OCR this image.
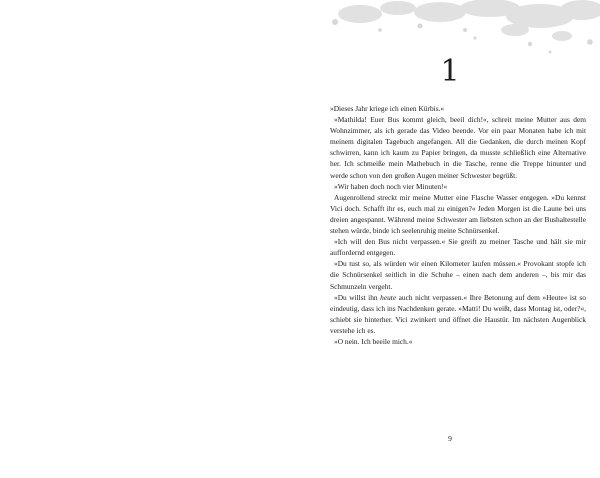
1

»Dieses Jahr kriege ich einen Kürbis.«

»Mathilda! Euer Bus kommt gleich, beeil dich!«, schreit meine Mutter aus dem Wohnzimmer, als ich gerade das Video beende. Vor ein paar Monaten habe ich mit meinem digitalen Tagebuch angefangen. All die Gedanken, die durch meinen Kopf schwirren, kann ich kaum zu Papier bringen, da musste schließlich eine Alternative her. Ich schmeiße mein Mathebuch in die Tasche, renne die Treppe hinunter und werde schon von den großen Augen meiner Schwester begrüßt.

»Wir haben doch noch vier Minuten!«

Augenrollend streckt mir meine Mutter eine Flasche Wasser entgegen. »Du kennst Vici doch. Schafft ihr es, euch mal zu einigen?« Jeden Morgen ist die Laune bei uns dreien angespannt. Während meine Schwester am liebsten schon an der Bushaltestelle stehen würde, binde ich seelenruhig meine Schnürsenkel.

»Ich will den Bus nicht verpassen.« Sie greift zu meiner Tasche und hält sie mir auffordernd entgegen.

»Du tust so, als würden wir einen Kilometer laufen müssen.« Provokant stopfe ich die Schnürsenkel seitlich in die Schuhe – einen nach dem anderen –, bis mir das Schmunzeln vergeht.

»Du willst ihn heute auch nicht verpassen.« Ihre Betonung auf dem »Heute« ist so eindeutig, dass ich ins Nachdenken gerate. »Matti! Du weißt, dass Montag ist, oder?«, schiebt sie hinterher. Vici zwinkert und öffnet die Haustür. Im nächsten Augenblick verstehe ich es.

»O nein. Ich beeile mich.«

9
